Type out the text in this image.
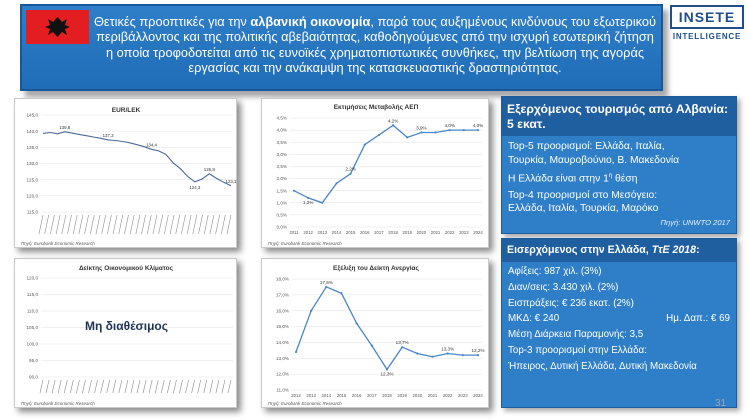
Θετικές προοπτικές για την αλβανική οικονομία, παρά τους αυξημένους κινδύνους του εξωτερικού περιβάλλοντος και της πολιτικής αβεβαιότητας, καθοδηγούμενες από την ισχυρή εσωτερική ζήτηση η οποία τροφοδοτείται από τις ευνοϊκές χρηματοπιστωτικές συνθήκες, την βελτίωση της αγοράς εργασίας και την ανάκαμψη της κατασκευαστικής δραστηριότητας.
INSETE
INTELLIGENCE
EUR/LEK
145,0
140,0
135,0
130,0
125,0
120,0
115,0
139,8
137,3
134,4
124,3
126,8
123,1
Πηγή: Eurobank Economic Research
Εκτιμήσεις Μεταβολής ΑΕΠ
4,5%
4,0%
3,5%
3,0%
2,5%
2,0%
1,5%
1,0%
0,5%
0,0%
1,2%
2,2%
4,2%
3,9%	4,0%	4,0%
2011 2012 2013 2014 2015 2016 2017 2018 2019 2020 2021 2022 2023 2024
Πηγή: Eurobank Economic Research
Δείκτης Οικονομικού Κλίματος
120,0
115,0
110,0
105,0
100,0
95,0
90,0
Πηγή: Eurobank Economic Research
Μη διαθέσιμος
Εξέλιξη του Δείκτη Ανεργίας
18,0%
17,0%
16,0%
15,0%
14,0%
13,0%
12,0%
11,0%
17,5%
12,3%
13,7%
13,3%	13,2%
2012 2013 2014 2015 2016 2017 2018 2019 2020 2021 2022 2023 2024
Πηγή: Eurobank Economic Research
Εξερχόμενος τουρισμός από Αλβανία: 5 εκατ.
Top-5 προορισμοί: Ελλάδα, Ιταλία,
Τουρκία, Μαυροβούνιο, Β. Μακεδονία
Η Ελλάδα είναι στην $1^\eta$ θέση
Top-4 προορισμοί στο Μεσόγειο:
Ελλάδα, Ιταλία, Τουρκία, Μαρόκο
Πηγή: UNWTO 2017
Εισερχόμενος στην Ελλάδα, ΤτΕ 2018:
Αφίξεις: 987 χιλ. (3%)
Διαν/σεις: 3.430 χιλ. (2%)
Εισπράξεις: € 236 εκατ. (2%)
ΜΚΔ: € 240	Ημ. Δαπ.: € 69
Μέση Διάρκεια Παραμονής: 3,5
Top-3 προορισμοί στην Ελλάδα:
Ήπειρος, Δυτική Ελλάδα, Δυτική Μακεδονία
31
